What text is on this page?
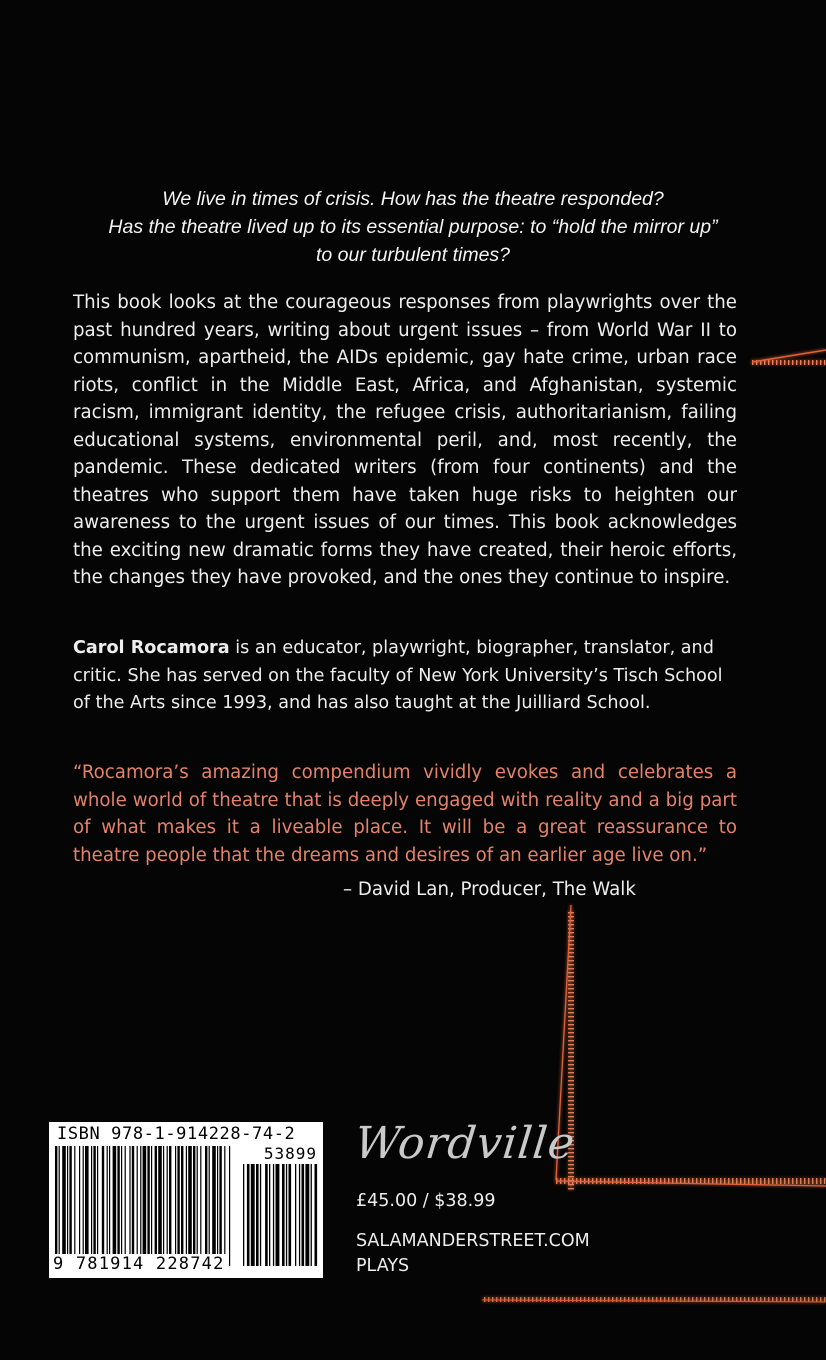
We live in times of crisis. How has the theatre responded?
Has the theatre lived up to its essential purpose: to “hold the mirror up”
to our turbulent times?

This book looks at the courageous responses from playwrights over the past hundred years, writing about urgent issues – from World War II to communism, apartheid, the AIDs epidemic, gay hate crime, urban race riots, conflict in the Middle East, Africa, and Afghanistan, systemic racism, immigrant identity, the refugee crisis, authoritarianism, failing educational systems, environmental peril, and, most recently, the pandemic. These dedicated writers (from four continents) and the theatres who support them have taken huge risks to heighten our awareness to the urgent issues of our times. This book acknowledges the exciting new dramatic forms they have created, their heroic efforts, the changes they have provoked, and the ones they continue to inspire.

Carol Rocamora is an educator, playwright, biographer, translator, and critic. She has served on the faculty of New York University’s Tisch School of the Arts since 1993, and has also taught at the Juilliard School.

“Rocamora’s amazing compendium vividly evokes and celebrates a whole world of theatre that is deeply engaged with reality and a big part of what makes it a liveable place. It will be a great reassurance to theatre people that the dreams and desires of an earlier age live on.”

– David Lan, Producer, The Walk
ISBN 978-1-914228-74-2
53899
9 781914 228742
Wordville
£45.00 / $38.99
SALAMANDERSTREET.COM
PLAYS
